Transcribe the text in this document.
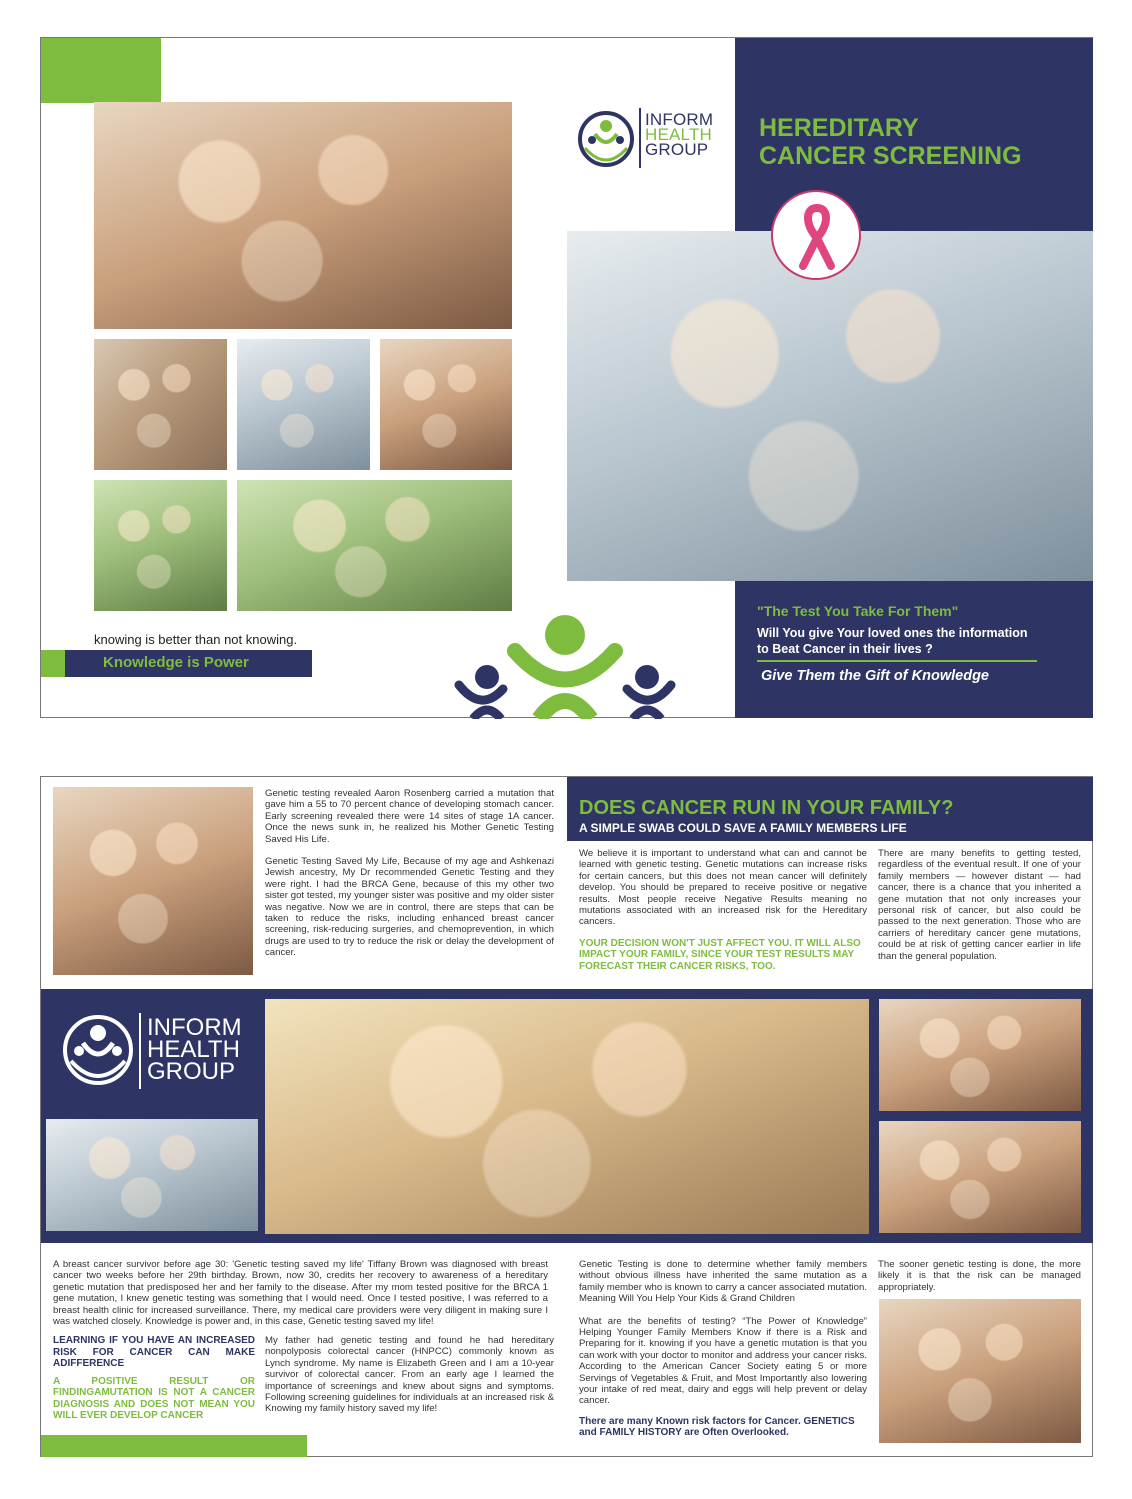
knowing is better than not knowing.
Knowledge is Power
INFORM
HEALTH
GROUP
HEREDITARY
CANCER SCREENING
"The Test You Take For Them"
Will You give Your loved ones the information
to Beat Cancer in their lives ?
Give Them the Gift of Knowledge

Genetic testing revealed Aaron Rosenberg carried a mutation that gave him a 55 to 70 percent chance of developing stomach cancer. Early screening revealed there were 14 sites of stage 1A cancer. Once the news sunk in, he realized his Mother Genetic Testing Saved His Life.

Genetic Testing Saved My Life, Because of my age and Ashkenazi Jewish ancestry, My Dr recommended Genetic Testing and they were right. I had the BRCA Gene, because of this my other two sister got tested, my younger sister was positive and my older sister was negative. Now we are in control, there are steps that can be taken to reduce the risks, including enhanced breast cancer screening, risk-reducing surgeries, and chemoprevention, in which drugs are used to try to reduce the risk or delay the development of cancer.

DOES CANCER RUN IN YOUR FAMILY?
A SIMPLE SWAB COULD SAVE A FAMILY MEMBERS LIFE

We believe it is important to understand what can and cannot be learned with genetic testing. Genetic mutations can increase risks for certain cancers, but this does not mean cancer will definitely develop. You should be prepared to receive positive or negative results. Most people receive Negative Results meaning no mutations associated with an increased risk for the Hereditary cancers.

YOUR DECISION WON'T JUST AFFECT YOU. IT WILL ALSO IMPACT YOUR FAMILY, SINCE YOUR TEST RESULTS MAY FORECAST THEIR CANCER RISKS, TOO.

There are many benefits to getting tested, regardless of the eventual result. If one of your family members — however distant — had cancer, there is a chance that you inherited a gene mutation that not only increases your personal risk of cancer, but also could be passed to the next generation. Those who are carriers of hereditary cancer gene mutations, could be at risk of getting cancer earlier in life than the general population.
INFORM
HEALTH
GROUP
A breast cancer survivor before age 30: 'Genetic testing saved my life' Tiffany Brown was diagnosed with breast cancer two weeks before her 29th birthday. Brown, now 30, credits her recovery to awareness of a hereditary genetic mutation that predisposed her and her family to the disease. After my mom tested positive for the BRCA 1 gene mutation, I knew genetic testing was something that I would need. Once I tested positive, I was referred to a breast health clinic for increased surveillance. There, my medical care providers were very diligent in making sure I was watched closely. Knowledge is power and, in this case, Genetic testing saved my life!

LEARNING IF YOU HAVE AN INCREASED RISK FOR CANCER CAN MAKE ADIFFERENCE

A POSITIVE RESULT OR FINDINGAMUTATION IS NOT A CANCER DIAGNOSIS AND DOES NOT MEAN YOU WILL EVER DEVELOP CANCER

My father had genetic testing and found he had hereditary nonpolyposis colorectal cancer (HNPCC) commonly known as Lynch syndrome. My name is Elizabeth Green and I am a 10-year survivor of colorectal cancer. From an early age I learned the importance of screenings and knew about signs and symptoms. Following screening guidelines for individuals at an increased risk & Knowing my family history saved my life!

Genetic Testing is done to determine whether family members without obvious illness have inherited the same mutation as a family member who is known to carry a cancer associated mutation. Meaning Will You Help Your Kids & Grand Children

What are the benefits of testing? “The Power of Knowledge” Helping Younger Family Members Know if there is a Risk and Preparing for it. knowing if you have a genetic mutation is that you can work with your doctor to monitor and address your cancer risks. According to the American Cancer Society eating 5 or more Servings of Vegetables & Fruit, and Most Importantly also lowering your intake of red meat, dairy and eggs will help prevent or delay cancer.

There are many Known risk factors for Cancer. GENETICS and FAMILY HISTORY are Often Overlooked.

The sooner genetic testing is done, the more likely it is that the risk can be managed appropriately.
